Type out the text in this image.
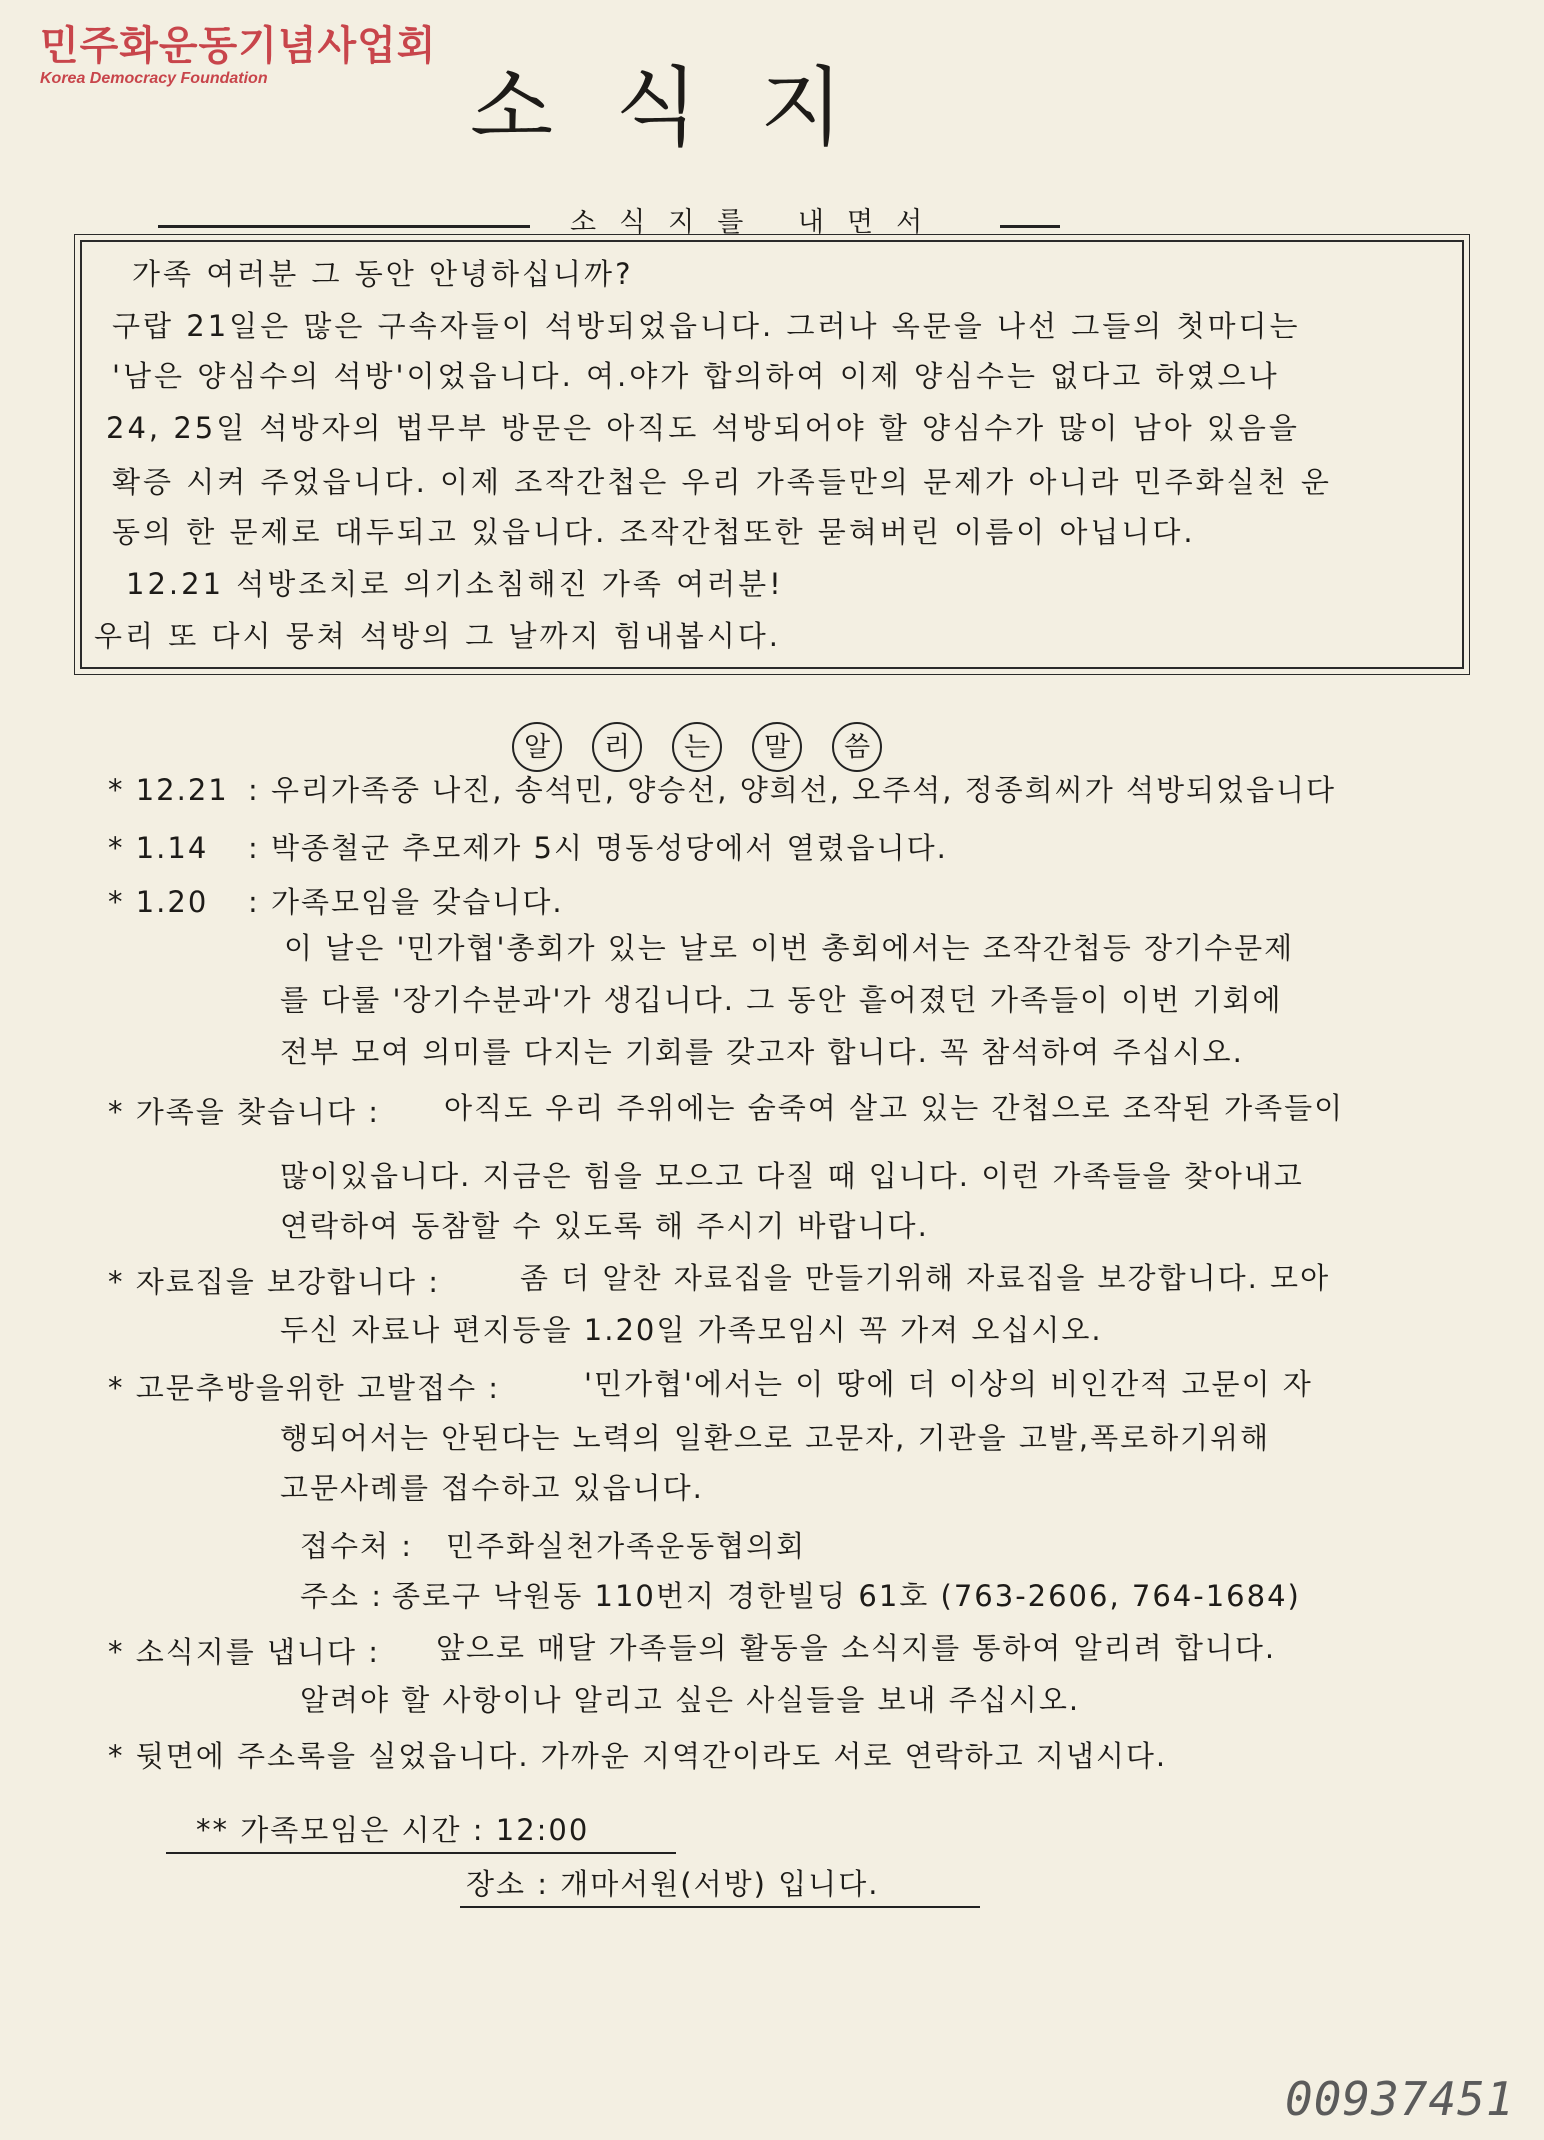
민주화운동기념사업회
Korea Democracy Foundation	소식지
소식지를 내면서
가족 여러분 그 동안 안녕하십니까?
구랍 21일은 많은 구속자들이 석방되었읍니다. 그러나 옥문을 나선 그들의 첫마디는
'남은 양심수의 석방'이었읍니다. 여.야가 합의하여 이제 양심수는 없다고 하였으나
24, 25일 석방자의 법무부 방문은 아직도 석방되어야 할 양심수가 많이 남아 있음을
확증 시켜 주었읍니다. 이제 조작간첩은 우리 가족들만의 문제가 아니라 민주화실천 운
동의 한 문제로 대두되고 있읍니다. 조작간첩또한 묻혀버린 이름이 아닙니다.
12.21 석방조치로 의기소침해진 가족 여러분!
우리 또 다시 뭉쳐 석방의 그 날까지 힘내봅시다.
알	리	는	말	씀
* 12.21 : 우리가족중 나진, 송석민, 양승선, 양희선, 오주석, 정종희씨가 석방되었읍니다
* 1.14 : 박종철군 추모제가 5시 명동성당에서 열렸읍니다.
* 1.20 : 가족모임을 갖습니다.
이 날은 '민가협'총회가 있는 날로 이번 총회에서는 조작간첩등 장기수문제
를 다룰 '장기수분과'가 생깁니다. 그 동안 흩어졌던 가족들이 이번 기회에
전부 모여 의미를 다지는 기회를 갖고자 합니다. 꼭 참석하여 주십시오.
* 가족을 찾습니다 : 아직도 우리 주위에는 숨죽여 살고 있는 간첩으로 조작된 가족들이
많이있읍니다. 지금은 힘을 모으고 다질 때 입니다. 이런 가족들을 찾아내고
연락하여 동참할 수 있도록 해 주시기 바랍니다.
* 자료집을 보강합니다 :	좀 더 알찬 자료집을 만들기위해 자료집을 보강합니다. 모아
두신 자료나 편지등을 1.20일 가족모임시 꼭 가져 오십시오.
* 고문추방을위한 고발접수 :	'민가협'에서는 이 땅에 더 이상의 비인간적 고문이 자
행되어서는 안된다는 노력의 일환으로 고문자, 기관을 고발,폭로하기위해
고문사례를 접수하고 있읍니다.
접수처 : 민주화실천가족운동협의회
주소 : 종로구 낙원동 110번지 경한빌딩 61호 (763-2606, 764-1684)
* 소식지를 냅니다 : 앞으로 매달 가족들의 활동을 소식지를 통하여 알리려 합니다.
알려야 할 사항이나 알리고 싶은 사실들을 보내 주십시오.
* 뒷면에 주소록을 실었읍니다. 가까운 지역간이라도 서로 연락하고 지냅시다.
** 가족모임은 시간 : 12:00
장소 : 개마서원(서방) 입니다.
00937451
